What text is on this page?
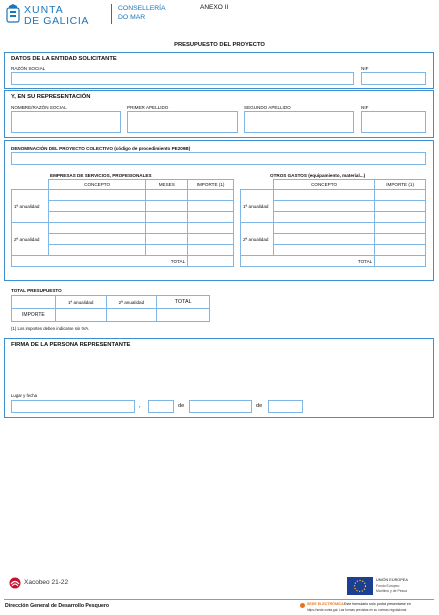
XUNTA
DE GALICIA
CONSELLERÍA
DO MAR
ANEXO II
PRESUPUESTO DEL PROYECTO
DATOS DE LA ENTIDAD SOLICITANTE
RAZÓN SOCIAL	NIF
Y, EN SU REPRESENTACIÓN
NOMBRE/RAZÓN SOCIAL	PRIMER APELLIDO	SEGUNDO APELLIDO	NIF
DENOMINACIÓN DEL PROYECTO COLECTIVO (código de procedimiento PE209B)
EMPRESAS DE SERVICIOS, PROFESIONALES	OTROS GASTOS (equipamiento, material...)
	CONCEPTO	MESES	IMPORTE (1)
1ª anualidad			

2ª anualidad			

TOTAL			
	CONCEPTO	IMPORTE (1)
1ª anualidad		

2ª anualidad		

TOTAL		
TOTAL PRESUPUESTO
	1ª anualidad	2ª anualidad	TOTAL
IMPORTE			
(1) Los importes deben indicarse sin IVA.
FIRMA DE LA PERSONA REPRESENTANTE
Lugar y fecha
,	de	de
Xacobeo 21-22	UNIÓN EUROPEA
Fondo Europeo
Marítimo y de Pesca
Dirección General de Desarrollo Pesquero	SEDE ELECTRÓNICA Este formulario solo podrá presentarse en
https://sede.xunta.gal. Las formas previstas en su normas reguladoras
